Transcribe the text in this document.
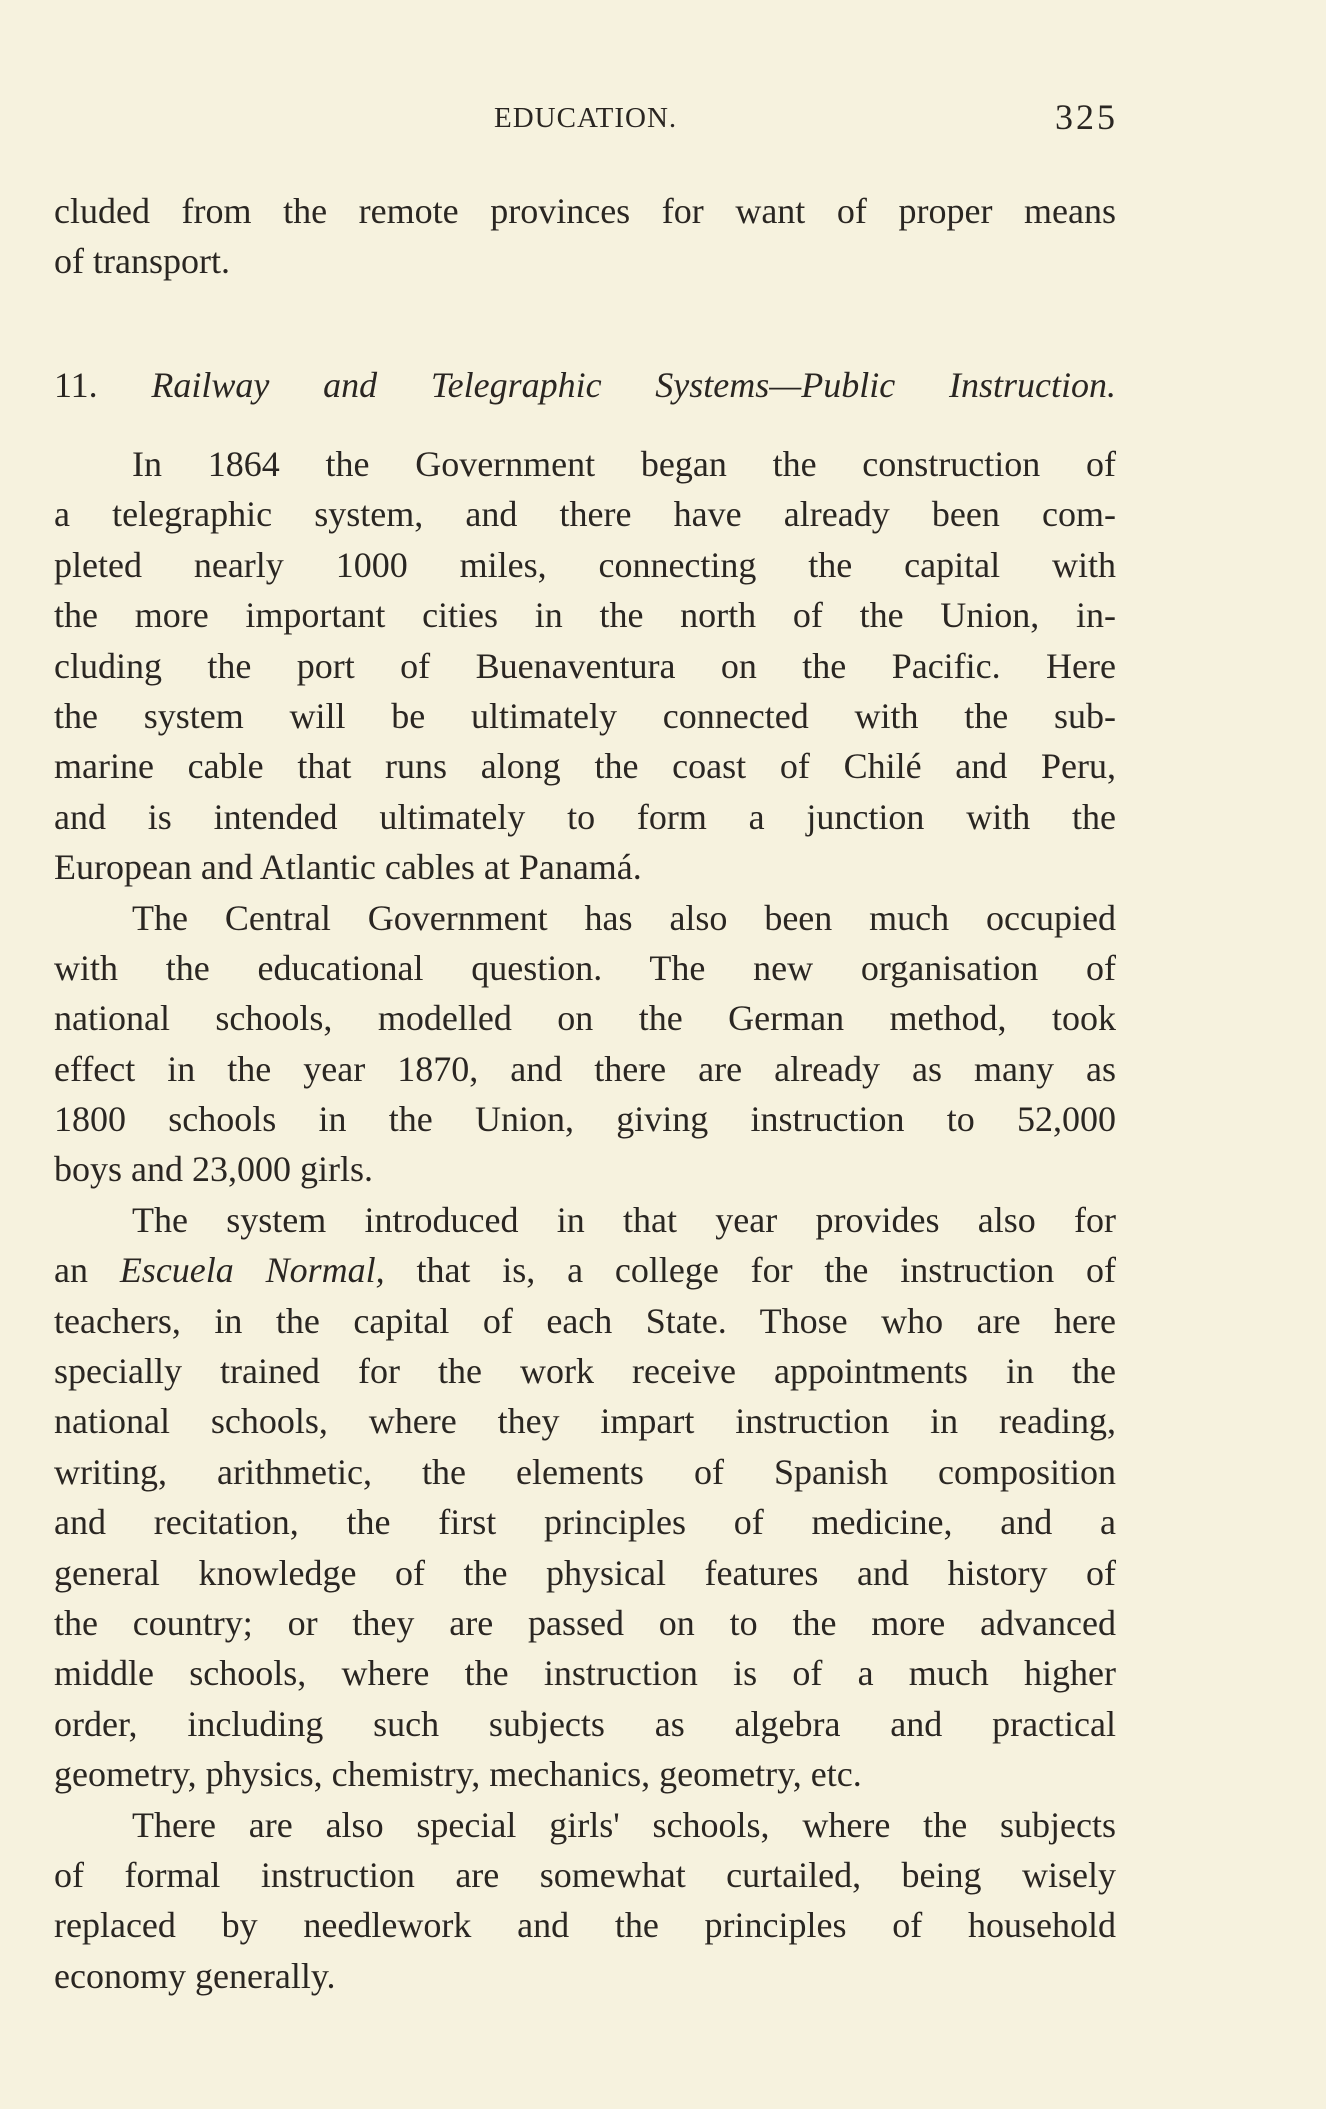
EDUCATION.	325
cluded from the remote provinces for want of proper means
of transport.
11. Railway and Telegraphic Systems—Public Instruction.
In 1864 the Government began the construction of
a telegraphic system, and there have already been com-
pleted nearly 1000 miles, connecting the capital with
the more important cities in the north of the Union, in-
cluding the port of Buenaventura on the Pacific. Here
the system will be ultimately connected with the sub-
marine cable that runs along the coast of Chilé and Peru,
and is intended ultimately to form a junction with the
European and Atlantic cables at Panamá.
The Central Government has also been much occupied
with the educational question. The new organisation of
national schools, modelled on the German method, took
effect in the year 1870, and there are already as many as
1800 schools in the Union, giving instruction to 52,000
boys and 23,000 girls.
The system introduced in that year provides also for
an Escuela Normal, that is, a college for the instruction of
teachers, in the capital of each State. Those who are here
specially trained for the work receive appointments in the
national schools, where they impart instruction in reading,
writing, arithmetic, the elements of Spanish composition
and recitation, the first principles of medicine, and a
general knowledge of the physical features and history of
the country; or they are passed on to the more advanced
middle schools, where the instruction is of a much higher
order, including such subjects as algebra and practical
geometry, physics, chemistry, mechanics, geometry, etc.
There are also special girls' schools, where the subjects
of formal instruction are somewhat curtailed, being wisely
replaced by needlework and the principles of household
economy generally.
